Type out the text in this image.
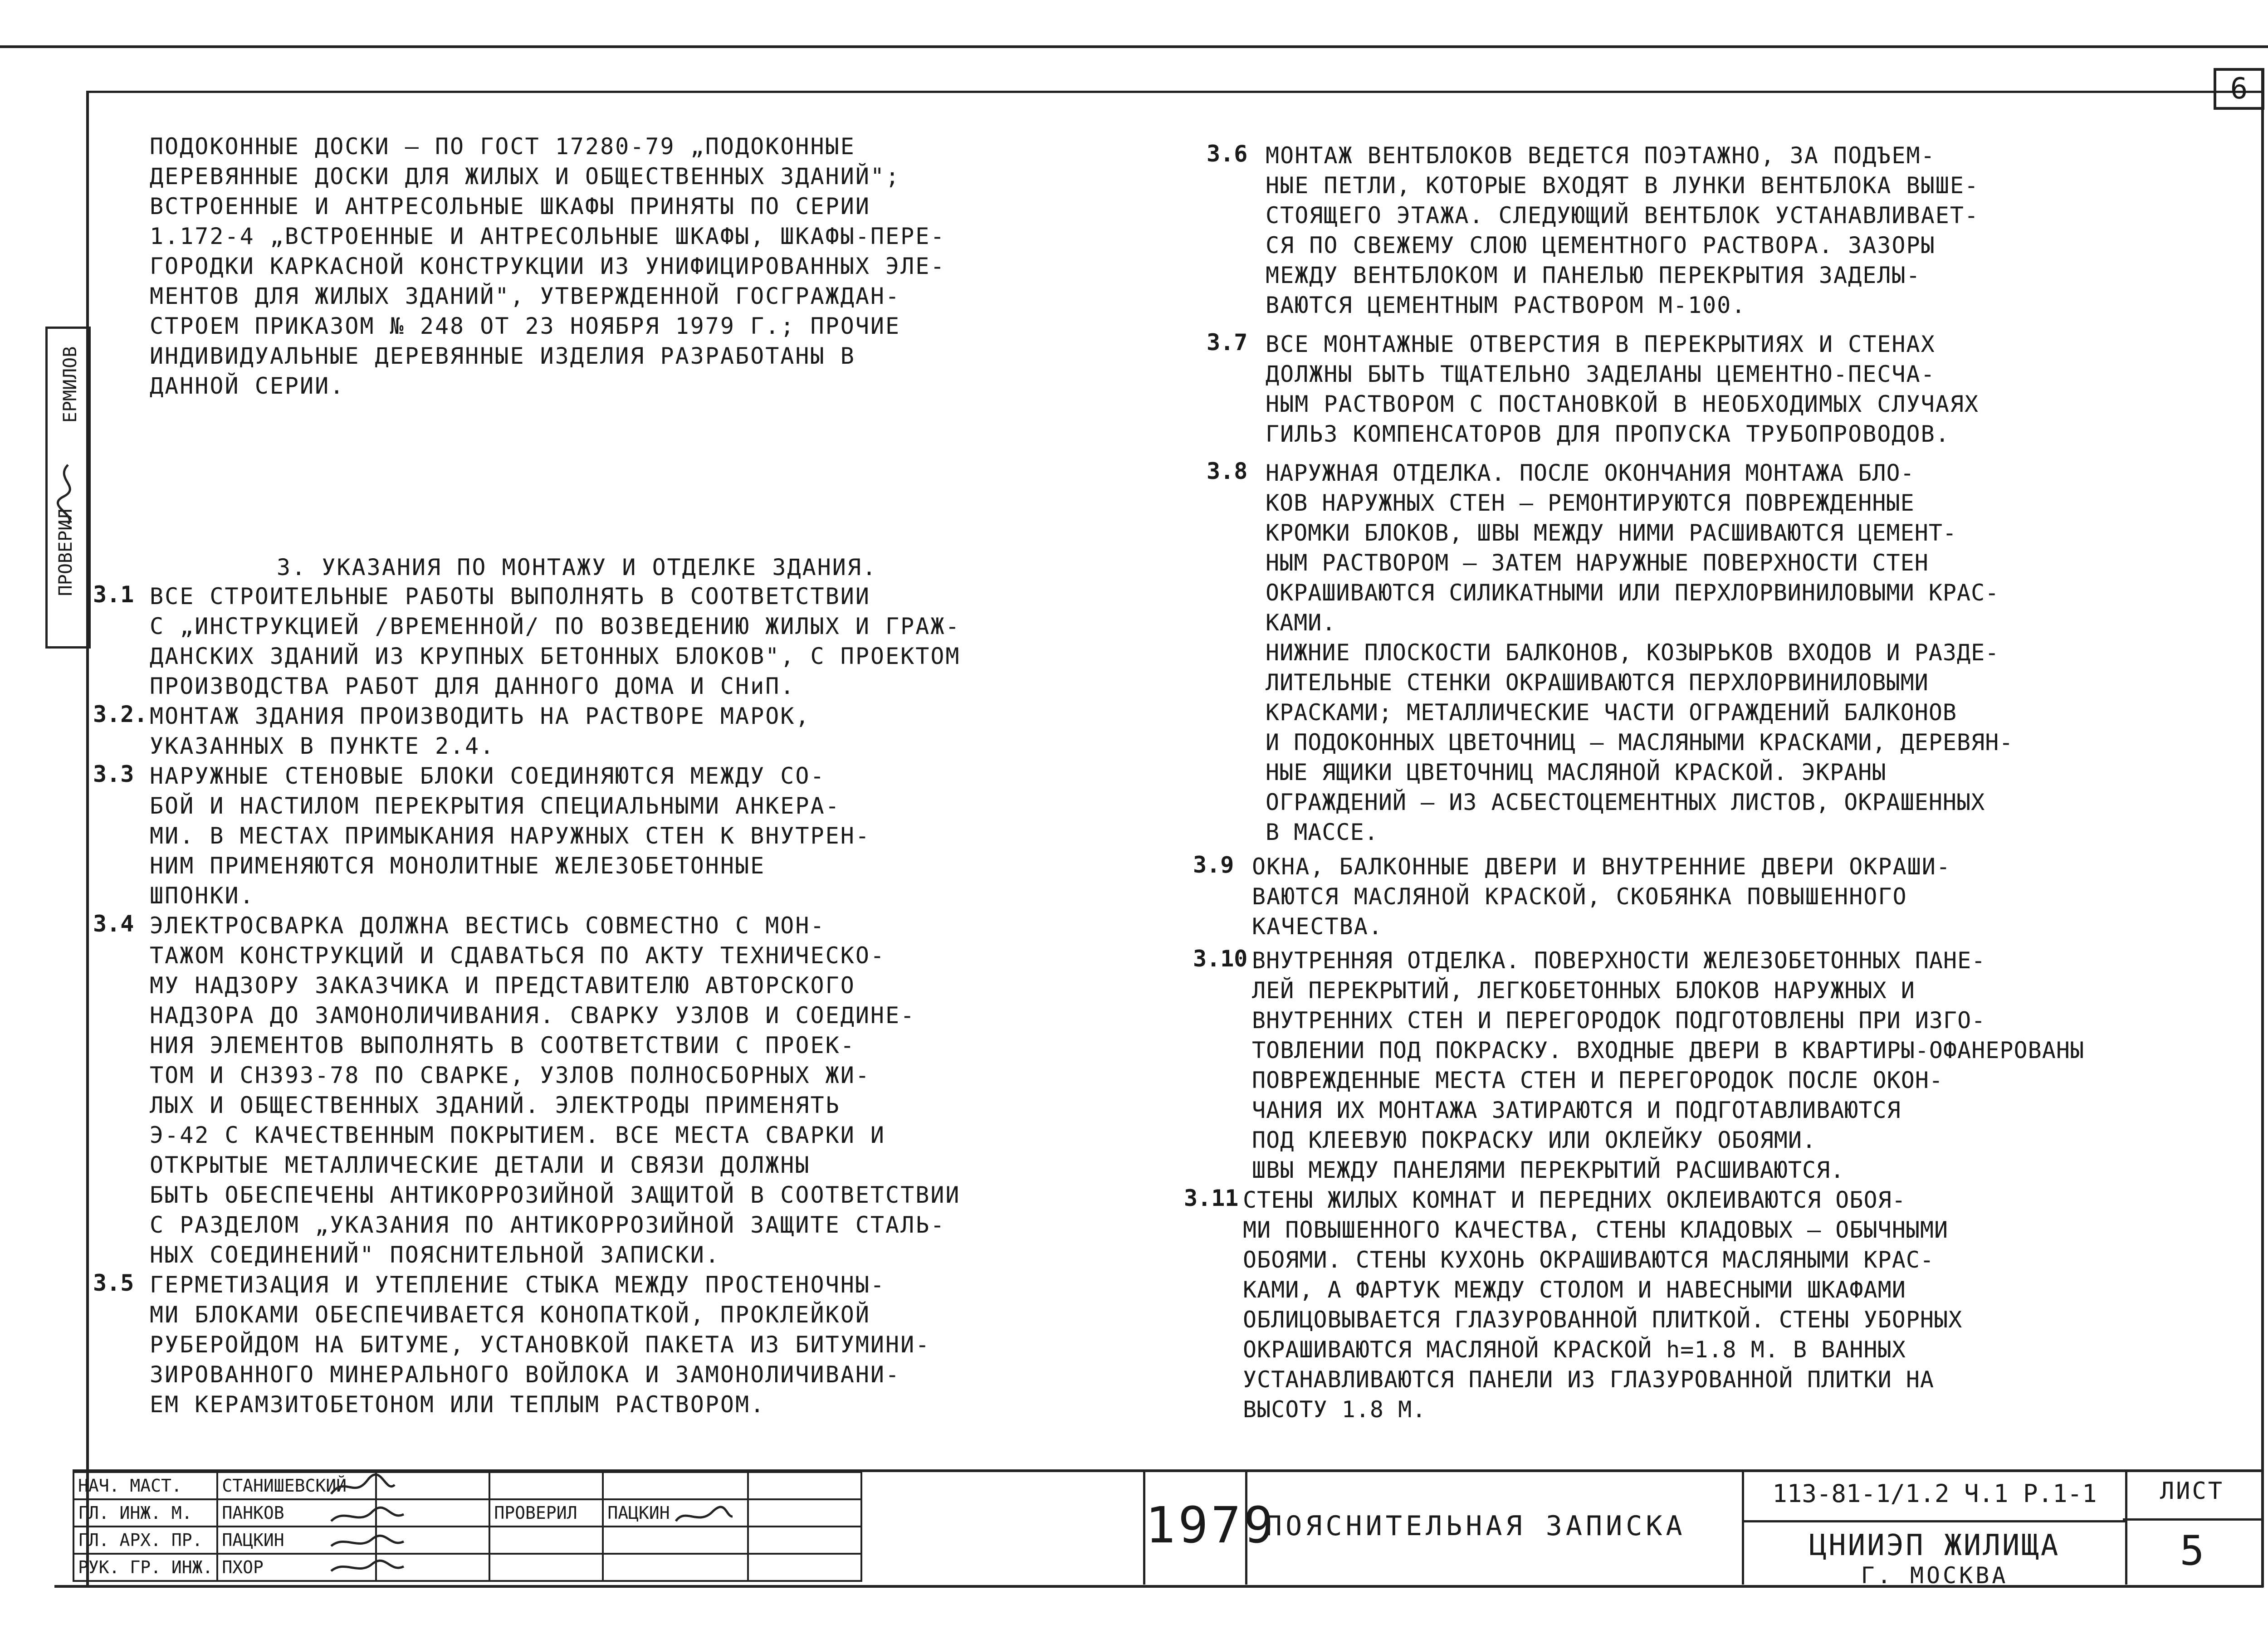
6
ПРОВЕРИЛ
ЕРМИЛОВ
ПОДОКОННЫЕ ДОСКИ – ПО ГОСТ 17280-79 „ПОДОКОННЫЕ
ДЕРЕВЯННЫЕ ДОСКИ ДЛЯ ЖИЛЫХ И ОБЩЕСТВЕННЫХ ЗДАНИЙ";
ВСТРОЕННЫЕ И АНТРЕСОЛЬНЫЕ ШКАФЫ ПРИНЯТЫ ПО СЕРИИ
1.172-4 „ВСТРОЕННЫЕ И АНТРЕСОЛЬНЫЕ ШКАФЫ, ШКАФЫ-ПЕРЕ-
ГОРОДКИ КАРКАСНОЙ КОНСТРУКЦИИ ИЗ УНИФИЦИРОВАННЫХ ЭЛЕ-
МЕНТОВ ДЛЯ ЖИЛЫХ ЗДАНИЙ", УТВЕРЖДЕННОЙ ГОСГРАЖДАН-
СТРОЕМ ПРИКАЗОМ № 248 ОТ 23 НОЯБРЯ 1979 Г.; ПРОЧИЕ
ИНДИВИДУАЛЬНЫЕ ДЕРЕВЯННЫЕ ИЗДЕЛИЯ РАЗРАБОТАНЫ В
ДАННОЙ СЕРИИ.
3. УКАЗАНИЯ ПО МОНТАЖУ И ОТДЕЛКЕ ЗДАНИЯ.
3.1 ВСЕ СТРОИТЕЛЬНЫЕ РАБОТЫ ВЫПОЛНЯТЬ В СООТВЕТСТВИИ
С „ИНСТРУКЦИЕЙ /ВРЕМЕННОЙ/ ПО ВОЗВЕДЕНИЮ ЖИЛЫХ И ГРАЖ-
ДАНСКИХ ЗДАНИЙ ИЗ КРУПНЫХ БЕТОННЫХ БЛОКОВ", С ПРОЕКТОМ
ПРОИЗВОДСТВА РАБОТ ДЛЯ ДАННОГО ДОМА И СНиП.
3.2. МОНТАЖ ЗДАНИЯ ПРОИЗВОДИТЬ НА РАСТВОРЕ МАРОК,
УКАЗАННЫХ В ПУНКТЕ 2.4.
3.3 НАРУЖНЫЕ СТЕНОВЫЕ БЛОКИ СОЕДИНЯЮТСЯ МЕЖДУ СО-
БОЙ И НАСТИЛОМ ПЕРЕКРЫТИЯ СПЕЦИАЛЬНЫМИ АНКЕРА-
МИ. В МЕСТАХ ПРИМЫКАНИЯ НАРУЖНЫХ СТЕН К ВНУТРЕН-
НИМ ПРИМЕНЯЮТСЯ МОНОЛИТНЫЕ ЖЕЛЕЗОБЕТОННЫЕ
ШПОНКИ.
3.4 ЭЛЕКТРОСВАРКА ДОЛЖНА ВЕСТИСЬ СОВМЕСТНО С МОН-
ТАЖОМ КОНСТРУКЦИЙ И СДАВАТЬСЯ ПО АКТУ ТЕХНИЧЕСКО-
МУ НАДЗОРУ ЗАКАЗЧИКА И ПРЕДСТАВИТЕЛЮ АВТОРСКОГО
НАДЗОРА ДО ЗАМОНОЛИЧИВАНИЯ. СВАРКУ УЗЛОВ И СОЕДИНЕ-
НИЯ ЭЛЕМЕНТОВ ВЫПОЛНЯТЬ В СООТВЕТСТВИИ С ПРОЕК-
ТОМ И СН393-78 ПО СВАРКЕ, УЗЛОВ ПОЛНОСБОРНЫХ ЖИ-
ЛЫХ И ОБЩЕСТВЕННЫХ ЗДАНИЙ. ЭЛЕКТРОДЫ ПРИМЕНЯТЬ
Э-42 С КАЧЕСТВЕННЫМ ПОКРЫТИЕМ. ВСЕ МЕСТА СВАРКИ И
ОТКРЫТЫЕ МЕТАЛЛИЧЕСКИЕ ДЕТАЛИ И СВЯЗИ ДОЛЖНЫ
БЫТЬ ОБЕСПЕЧЕНЫ АНТИКОРРОЗИЙНОЙ ЗАЩИТОЙ В СООТВЕТСТВИИ
С РАЗДЕЛОМ „УКАЗАНИЯ ПО АНТИКОРРОЗИЙНОЙ ЗАЩИТЕ СТАЛЬ-
НЫХ СОЕДИНЕНИЙ" ПОЯСНИТЕЛЬНОЙ ЗАПИСКИ.
3.5 ГЕРМЕТИЗАЦИЯ И УТЕПЛЕНИЕ СТЫКА МЕЖДУ ПРОСТЕНОЧНЫ-
МИ БЛОКАМИ ОБЕСПЕЧИВАЕТСЯ КОНОПАТКОЙ, ПРОКЛЕЙКОЙ
РУБЕРОЙДОМ НА БИТУМЕ, УСТАНОВКОЙ ПАКЕТА ИЗ БИТУМИНИ-
ЗИРОВАННОГО МИНЕРАЛЬНОГО ВОЙЛОКА И ЗАМОНОЛИЧИВАНИ-
ЕМ КЕРАМЗИТОБЕТОНОМ ИЛИ ТЕПЛЫМ РАСТВОРОМ.
3.6 МОНТАЖ ВЕНТБЛОКОВ ВЕДЕТСЯ ПОЭТАЖНО, ЗА ПОДЪЕМ-
НЫЕ ПЕТЛИ, КОТОРЫЕ ВХОДЯТ В ЛУНКИ ВЕНТБЛОКА ВЫШЕ-
СТОЯЩЕГО ЭТАЖА. СЛЕДУЮЩИЙ ВЕНТБЛОК УСТАНАВЛИВАЕТ-
СЯ ПО СВЕЖЕМУ СЛОЮ ЦЕМЕНТНОГО РАСТВОРА. ЗАЗОРЫ
МЕЖДУ ВЕНТБЛОКОМ И ПАНЕЛЬЮ ПЕРЕКРЫТИЯ ЗАДЕЛЫ-
ВАЮТСЯ ЦЕМЕНТНЫМ РАСТВОРОМ М-100.
3.7 ВСЕ МОНТАЖНЫЕ ОТВЕРСТИЯ В ПЕРЕКРЫТИЯХ И СТЕНАХ
ДОЛЖНЫ БЫТЬ ТЩАТЕЛЬНО ЗАДЕЛАНЫ ЦЕМЕНТНО-ПЕСЧА-
НЫМ РАСТВОРОМ С ПОСТАНОВКОЙ В НЕОБХОДИМЫХ СЛУЧАЯХ
ГИЛЬЗ КОМПЕНСАТОРОВ ДЛЯ ПРОПУСКА ТРУБОПРОВОДОВ.
3.8 НАРУЖНАЯ ОТДЕЛКА. ПОСЛЕ ОКОНЧАНИЯ МОНТАЖА БЛО-
КОВ НАРУЖНЫХ СТЕН – РЕМОНТИРУЮТСЯ ПОВРЕЖДЕННЫЕ
КРОМКИ БЛОКОВ, ШВЫ МЕЖДУ НИМИ РАСШИВАЮТСЯ ЦЕМЕНТ-
НЫМ РАСТВОРОМ – ЗАТЕМ НАРУЖНЫЕ ПОВЕРХНОСТИ СТЕН
ОКРАШИВАЮТСЯ СИЛИКАТНЫМИ ИЛИ ПЕРХЛОРВИНИЛОВЫМИ КРАС-
КАМИ.
НИЖНИЕ ПЛОСКОСТИ БАЛКОНОВ, КОЗЫРЬКОВ ВХОДОВ И РАЗДЕ-
ЛИТЕЛЬНЫЕ СТЕНКИ ОКРАШИВАЮТСЯ ПЕРХЛОРВИНИЛОВЫМИ
КРАСКАМИ; МЕТАЛЛИЧЕСКИЕ ЧАСТИ ОГРАЖДЕНИЙ БАЛКОНОВ
И ПОДОКОННЫХ ЦВЕТОЧНИЦ – МАСЛЯНЫМИ КРАСКАМИ, ДЕРЕВЯН-
НЫЕ ЯЩИКИ ЦВЕТОЧНИЦ МАСЛЯНОЙ КРАСКОЙ. ЭКРАНЫ
ОГРАЖДЕНИЙ – ИЗ АСБЕСТОЦЕМЕНТНЫХ ЛИСТОВ, ОКРАШЕННЫХ
В МАССЕ.
3.9 ОКНА, БАЛКОННЫЕ ДВЕРИ И ВНУТРЕННИЕ ДВЕРИ ОКРАШИ-
ВАЮТСЯ МАСЛЯНОЙ КРАСКОЙ, СКОБЯНКА ПОВЫШЕННОГО
КАЧЕСТВА.
3.10 ВНУТРЕННЯЯ ОТДЕЛКА. ПОВЕРХНОСТИ ЖЕЛЕЗОБЕТОННЫХ ПАНЕ-
ЛЕЙ ПЕРЕКРЫТИЙ, ЛЕГКОБЕТОННЫХ БЛОКОВ НАРУЖНЫХ И
ВНУТРЕННИХ СТЕН И ПЕРЕГОРОДОК ПОДГОТОВЛЕНЫ ПРИ ИЗГО-
ТОВЛЕНИИ ПОД ПОКРАСКУ. ВХОДНЫЕ ДВЕРИ В КВАРТИРЫ-ОФАНЕРОВАНЫ
ПОВРЕЖДЕННЫЕ МЕСТА СТЕН И ПЕРЕГОРОДОК ПОСЛЕ ОКОН-
ЧАНИЯ ИХ МОНТАЖА ЗАТИРАЮТСЯ И ПОДГОТАВЛИВАЮТСЯ
ПОД КЛЕЕВУЮ ПОКРАСКУ ИЛИ ОКЛЕЙКУ ОБОЯМИ.
ШВЫ МЕЖДУ ПАНЕЛЯМИ ПЕРЕКРЫТИЙ РАСШИВАЮТСЯ.
3.11 СТЕНЫ ЖИЛЫХ КОМНАТ И ПЕРЕДНИХ ОКЛЕИВАЮТСЯ ОБОЯ-
МИ ПОВЫШЕННОГО КАЧЕСТВА, СТЕНЫ КЛАДОВЫХ – ОБЫЧНЫМИ
ОБОЯМИ. СТЕНЫ КУХОНЬ ОКРАШИВАЮТСЯ МАСЛЯНЫМИ КРАС-
КАМИ, А ФАРТУК МЕЖДУ СТОЛОМ И НАВЕСНЫМИ ШКАФАМИ
ОБЛИЦОВЫВАЕТСЯ ГЛАЗУРОВАННОЙ ПЛИТКОЙ. СТЕНЫ УБОРНЫХ
ОКРАШИВАЮТСЯ МАСЛЯНОЙ КРАСКОЙ h=1.8 М. В ВАННЫХ
УСТАНАВЛИВАЮТСЯ ПАНЕЛИ ИЗ ГЛАЗУРОВАННОЙ ПЛИТКИ НА
ВЫСОТУ 1.8 М.
НАЧ. МАСТ.	СТАНИШЕВСКИЙ				
ГЛ. ИНЖ. М.	ПАНКОВ		ПРОВЕРИЛ	ПАЦКИН	
ГЛ. АРХ. ПР.	ПАЦКИН				
РУК. ГР. ИНЖ.	ПХОР				
1979
ПОЯСНИТЕЛЬНАЯ ЗАПИСКА
113-81-1/1.2 Ч.1 Р.1-1
ЦНИИЭП ЖИЛИЩА
Г. МОСКВА
ЛИСТ
5
